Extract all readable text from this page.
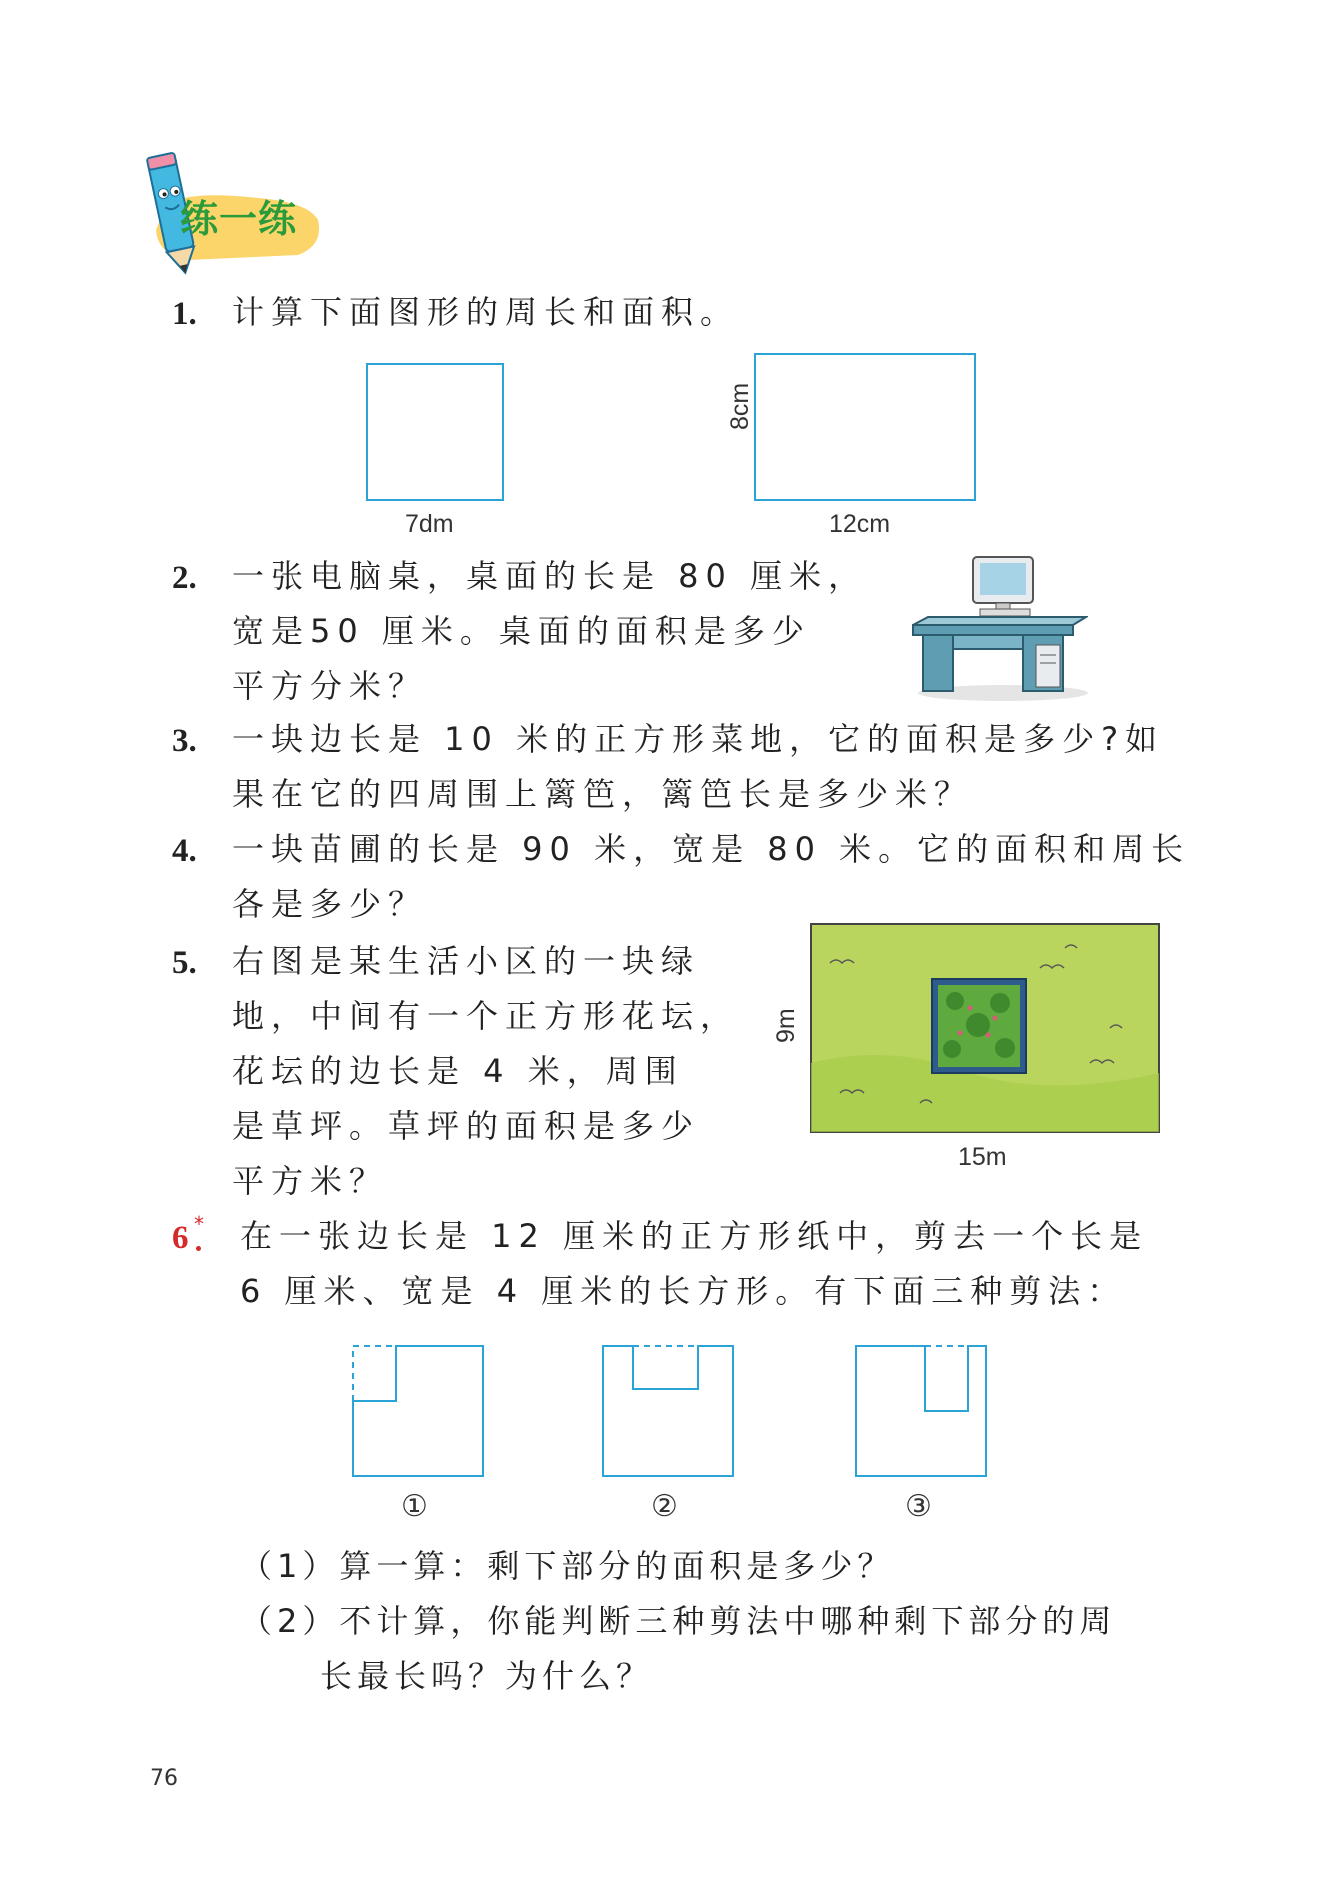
练一练
1. 计算下面图形的周长和面积。
7dm	12cm
8cm
2. 一张电脑桌，桌面的长是 80 厘米，
宽是50 厘米。桌面的面积是多少
平方分米？
3. 一块边长是 10 米的正方形菜地，它的面积是多少?如
果在它的四周围上篱笆，篱笆长是多少米？
4. 一块苗圃的长是 90 米，宽是 80 米。它的面积和周长
各是多少？
5. 右图是某生活小区的一块绿
地，中间有一个正方形花坛，
花坛的边长是 4 米，周围
是草坪。草坪的面积是多少
平方米？
9m
15m
6 * 在一张边长是 12 厘米的正方形纸中，剪去一个长是
6 厘米、宽是 4 厘米的长方形。有下面三种剪法：
①	②	③
（1）算一算：剩下部分的面积是多少？
（2）不计算，你能判断三种剪法中哪种剩下部分的周
长最长吗？为什么？
76
